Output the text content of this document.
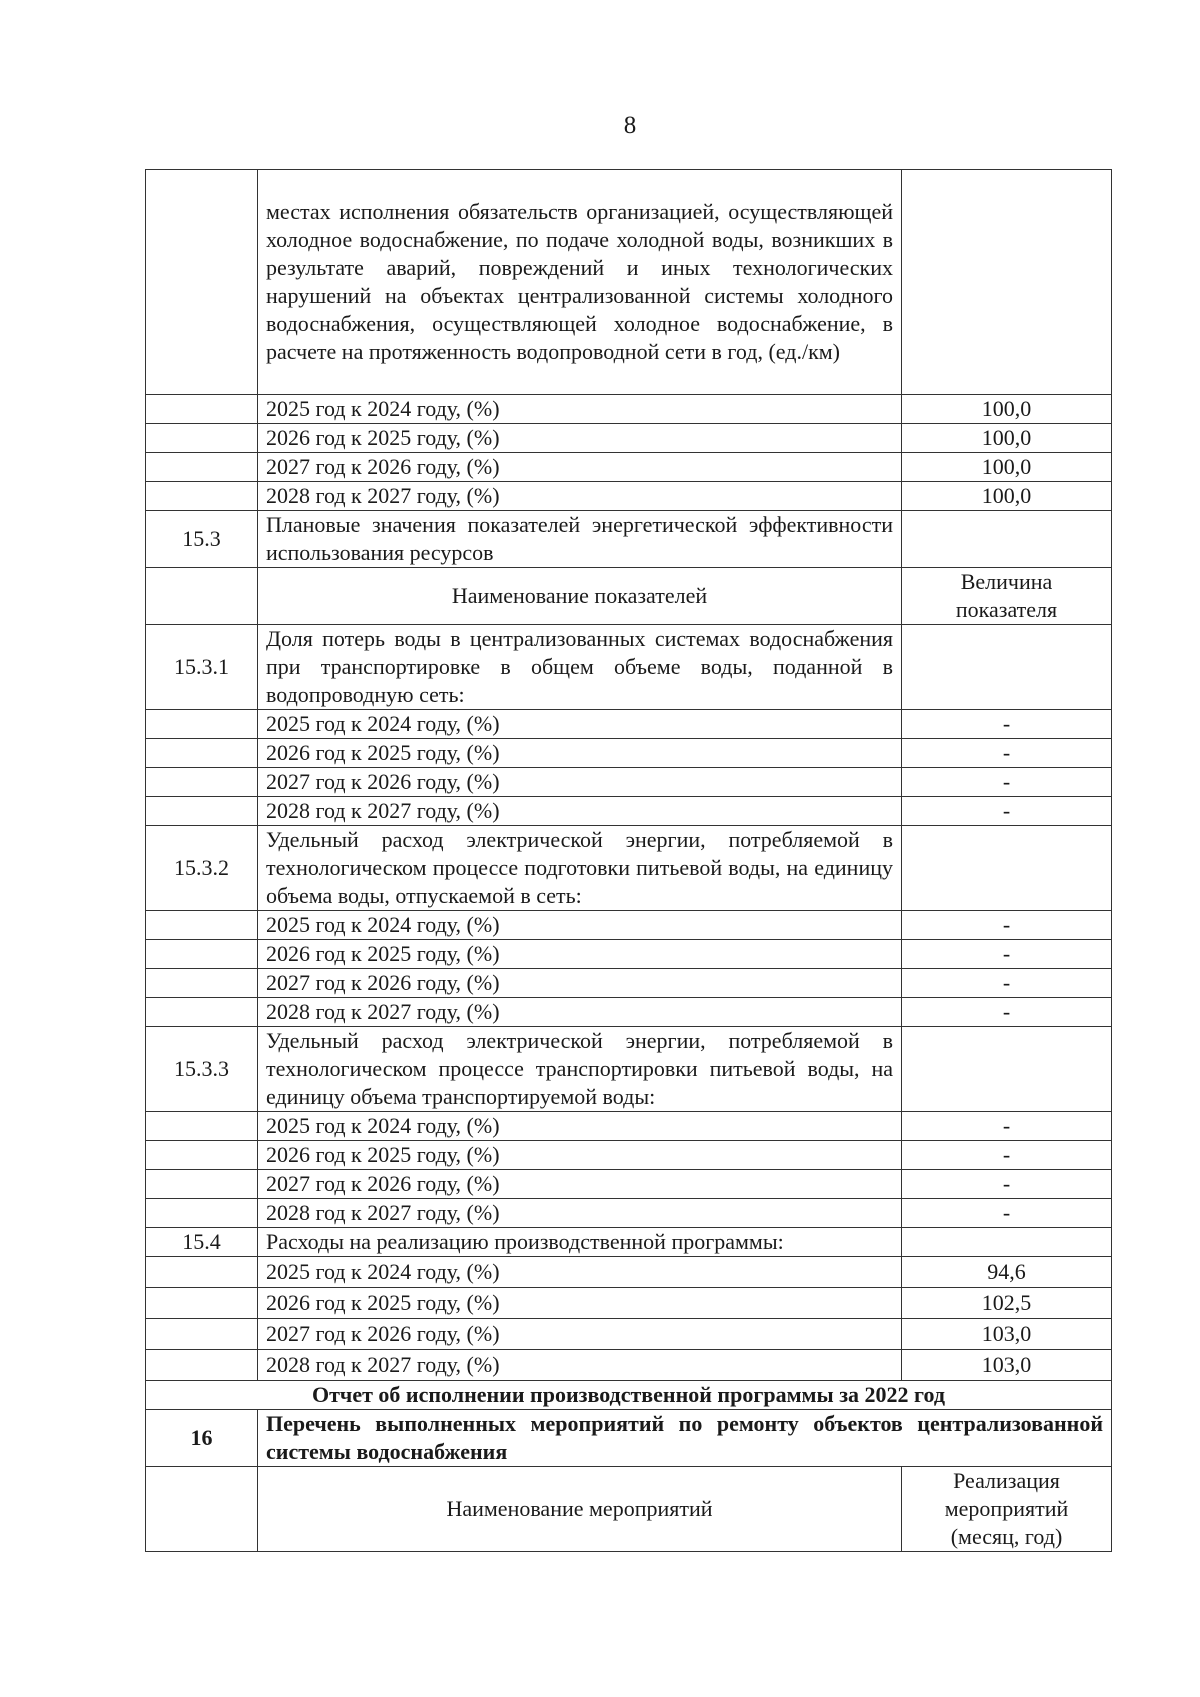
8
	местах исполнения обязательств организацией, осуществляющей холодное водоснабжение, по подаче холодной воды, возникших в результате аварий, повреждений и иных технологических нарушений на объектах централизованной системы холодного водоснабжения, осуществляющей холодное водоснабжение, в расчете на протяженность водопроводной сети в год, (ед./км)	
	2025 год к 2024 году, (%)	100,0
	2026 год к 2025 году, (%)	100,0
	2027 год к 2026 году, (%)	100,0
	2028 год к 2027 году, (%)	100,0
15.3	Плановые значения показателей энергетической эффективности использования ресурсов	
	Наименование показателей	Величина показателя
15.3.1	Доля потерь воды в централизованных системах водоснабжения при транспортировке в общем объеме воды, поданной в водопроводную сеть:	
	2025 год к 2024 году, (%)	-
	2026 год к 2025 году, (%)	-
	2027 год к 2026 году, (%)	-
	2028 год к 2027 году, (%)	-
15.3.2	Удельный расход электрической энергии, потребляемой в технологическом процессе подготовки питьевой воды, на единицу объема воды, отпускаемой в сеть:	
	2025 год к 2024 году, (%)	-
	2026 год к 2025 году, (%)	-
	2027 год к 2026 году, (%)	-
	2028 год к 2027 году, (%)	-
15.3.3	Удельный расход электрической энергии, потребляемой в технологическом процессе транспортировки питьевой воды, на единицу объема транспортируемой воды:	
	2025 год к 2024 году, (%)	-
	2026 год к 2025 году, (%)	-
	2027 год к 2026 году, (%)	-
	2028 год к 2027 году, (%)	-
15.4	Расходы на реализацию производственной программы:	
	2025 год к 2024 году, (%)	94,6
	2026 год к 2025 году, (%)	102,5
	2027 год к 2026 году, (%)	103,0
	2028 год к 2027 году, (%)	103,0
Отчет об исполнении производственной программы за 2022 год		
16	Перечень выполненных мероприятий по ремонту объектов централизованной системы водоснабжения	
	Наименование мероприятий	Реализация мероприятий (месяц, год)
